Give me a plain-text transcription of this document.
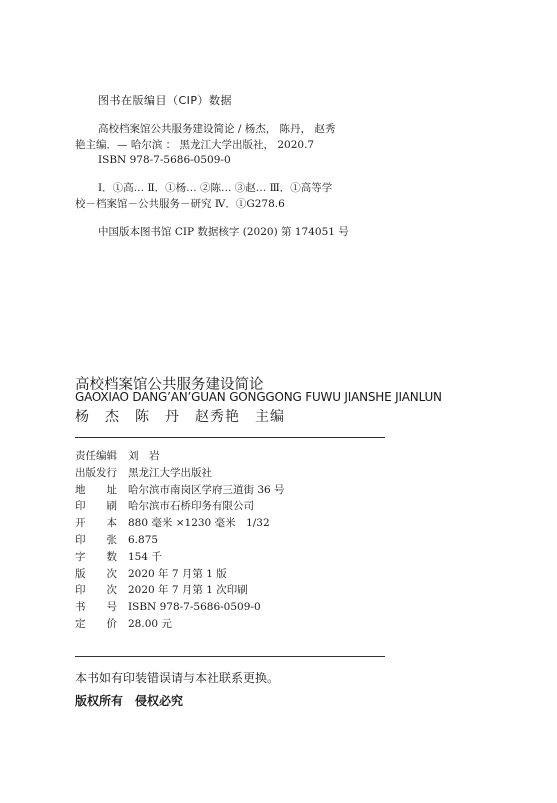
图书在版编目（CIP）数据
高校档案馆公共服务建设简论 / 杨杰， 陈丹， 赵秀
艳主编．— 哈尔滨 ： 黑龙江大学出版社， 2020.7
ISBN 978-7-5686-0509-0
Ⅰ．①高… Ⅱ．①杨… ②陈… ③赵… Ⅲ．①高等学
校－档案馆－公共服务－研究 Ⅳ．①G278.6
中国版本图书馆 CIP 数据核字 (2020) 第 174051 号
高校档案馆公共服务建设简论
GAOXIAO DANG’AN’GUAN GONGGONG FUWU JIANSHE JIANLUN
杨　杰　陈　丹　赵秀艳　主编
责任编辑 刘　岩
出版发行 黑龙江大学出版社
地　　址 哈尔滨市南岗区学府三道街 36 号
印　　刷 哈尔滨市石桥印务有限公司
开　　本 880 毫米 ×1230 毫米　1/32
印　　张 6.875
字　　数 154 千
版　　次 2020 年 7 月第 1 版
印　　次 2020 年 7 月第 1 次印刷
书　　号 ISBN 978-7-5686-0509-0
定　　价 28.00 元
本书如有印装错误请与本社联系更换。
版权所有　侵权必究
